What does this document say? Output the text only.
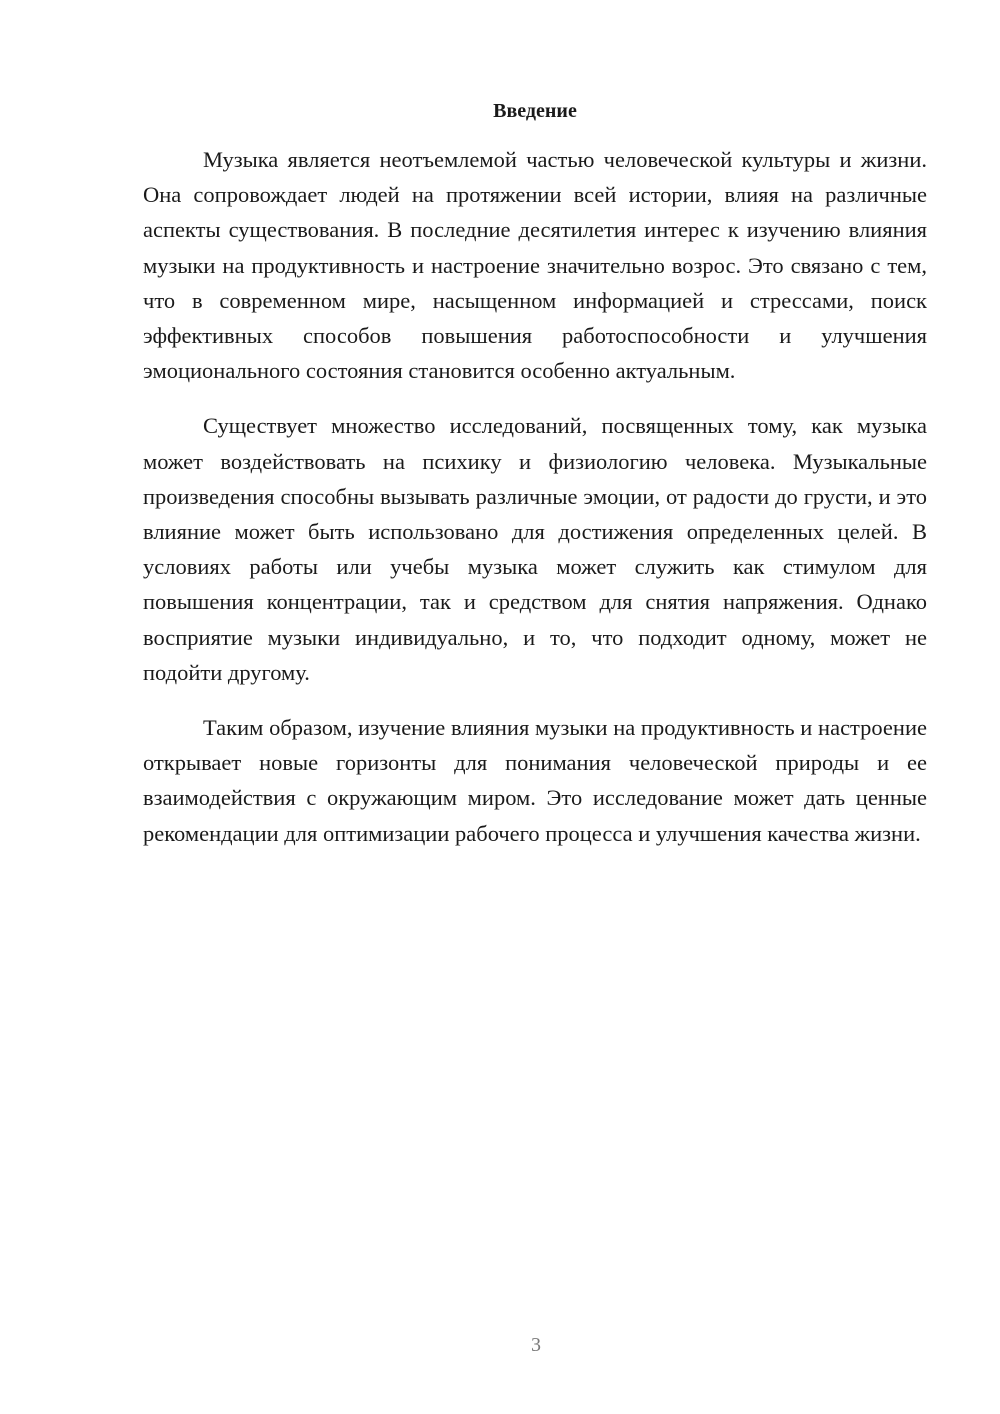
Введение

Музыка является неотъемлемой частью человеческой культуры и жизни. Она сопровождает людей на протяжении всей истории, влияя на различные аспекты существования. В последние десятилетия интерес к изучению влияния музыки на продуктивность и настроение значительно возрос. Это связано с тем, что в современном мире, насыщенном информацией и стрессами, поиск эффективных способов повышения работоспособности и улучшения эмоционального состояния становится особенно актуальным.

Существует множество исследований, посвященных тому, как музыка может воздействовать на психику и физиологию человека. Музыкальные произведения способны вызывать различные эмоции, от радости до грусти, и это влияние может быть использовано для достижения определенных целей. В условиях работы или учебы музыка может служить как стимулом для повышения концентрации, так и средством для снятия напряжения. Однако восприятие музыки индивидуально, и то, что подходит одному, может не подойти другому.

Таким образом, изучение влияния музыки на продуктивность и настроение открывает новые горизонты для понимания человеческой природы и ее взаимодействия с окружающим миром. Это исследование может дать ценные рекомендации для оптимизации рабочего процесса и улучшения качества жизни.

3
